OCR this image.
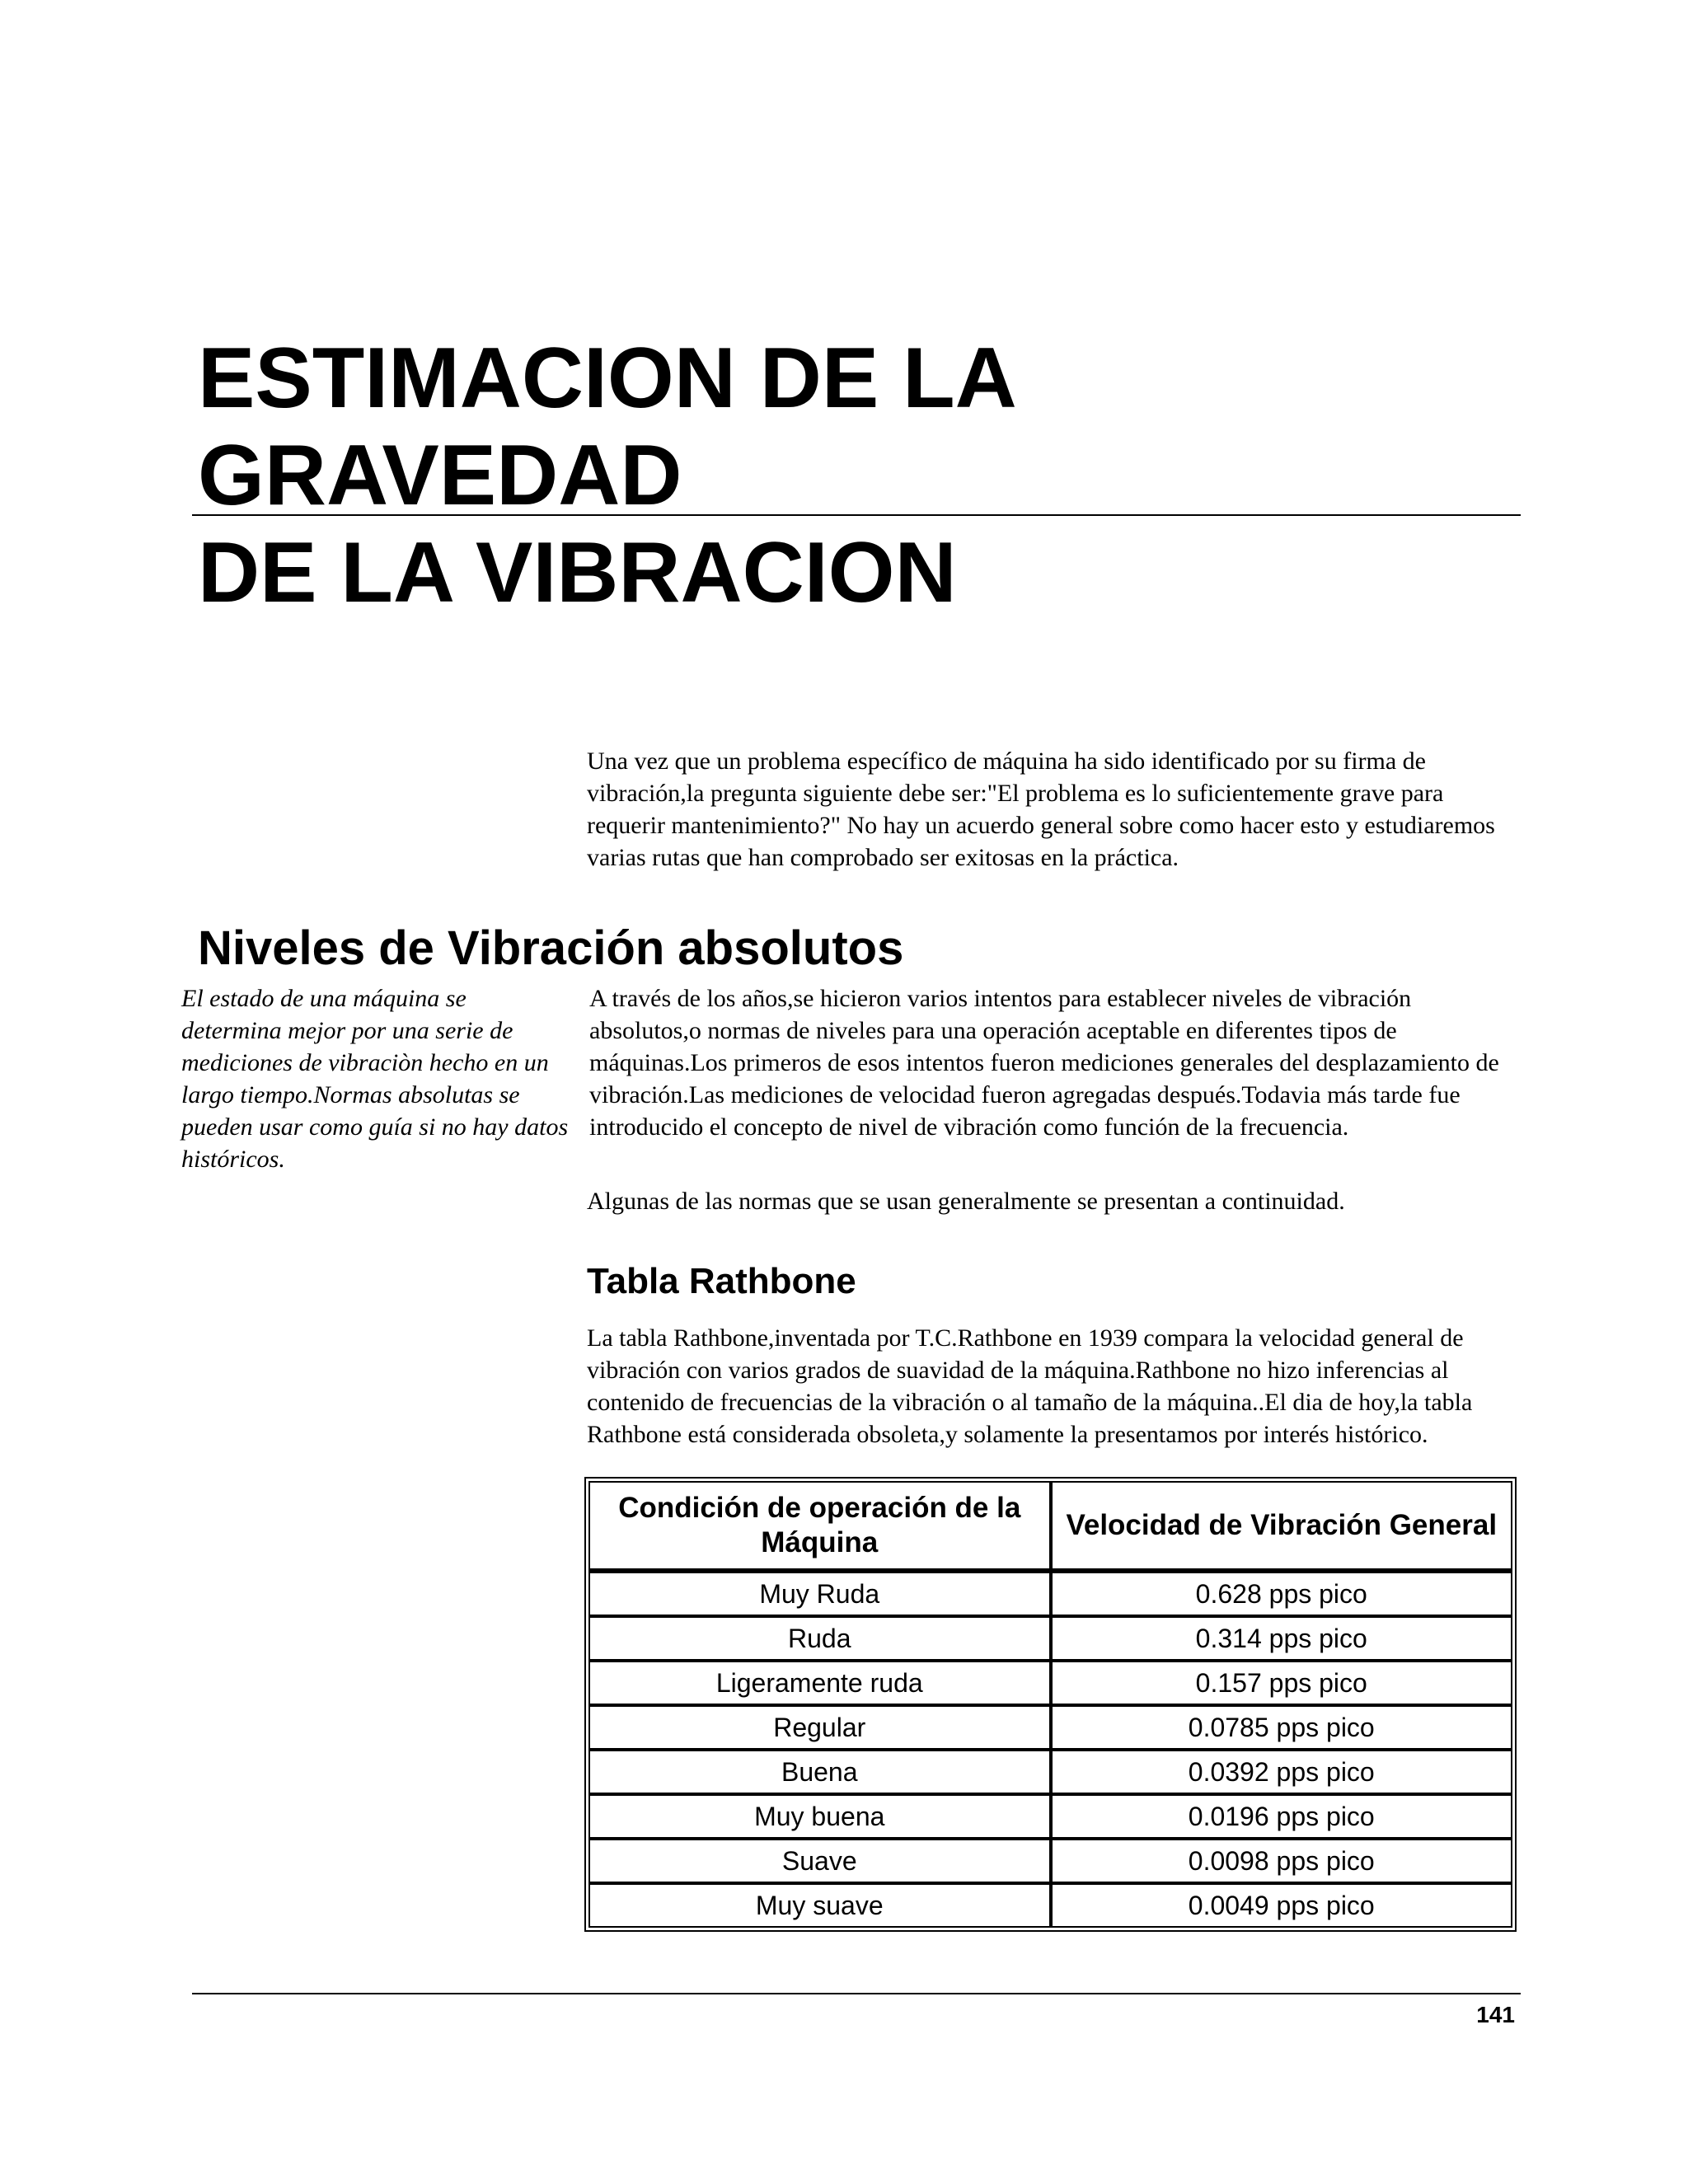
ESTIMACION DE LA GRAVEDAD
DE LA VIBRACION

Una vez que un problema específico de máquina ha sido identificado por su firma de vibración,la pregunta siguiente debe ser:"El problema es lo suficientemente grave para requerir mantenimiento?" No hay un acuerdo general sobre como hacer esto y estudiaremos varias rutas que han comprobado ser exitosas en la práctica.

Niveles de Vibración absolutos

El estado de una máquina se determina mejor por una serie de mediciones de vibraciòn hecho en un largo tiempo.Normas absolutas se pueden usar como guía si no hay datos históricos.

A través de los años,se hicieron varios intentos para establecer niveles de vibración absolutos,o normas de niveles para una operación aceptable en diferentes tipos de máquinas.Los primeros de esos intentos fueron mediciones generales del desplazamiento de vibración.Las mediciones de velocidad fueron agregadas después.Todavia más tarde fue introducido el concepto de nivel de vibración como función de la frecuencia.

Algunas de las normas que se usan generalmente se presentan a continuidad.

Tabla Rathbone

La tabla Rathbone,inventada por T.C.Rathbone en 1939 compara la velocidad general de vibración con varios grados de suavidad de la máquina.Rathbone no hizo inferencias al contenido de frecuencias de la vibración o al tamaño de la máquina..El dia de hoy,la tabla Rathbone está considerada obsoleta,y solamente la presentamos por interés histórico.

Condición de operación de la Máquina	Velocidad de Vibración General
Muy Ruda	0.628 pps pico
Ruda	0.314 pps pico
Ligeramente ruda	0.157 pps pico
Regular	0.0785 pps pico
Buena	0.0392 pps pico
Muy buena	0.0196 pps pico
Suave	0.0098 pps pico
Muy suave	0.0049 pps pico
141
